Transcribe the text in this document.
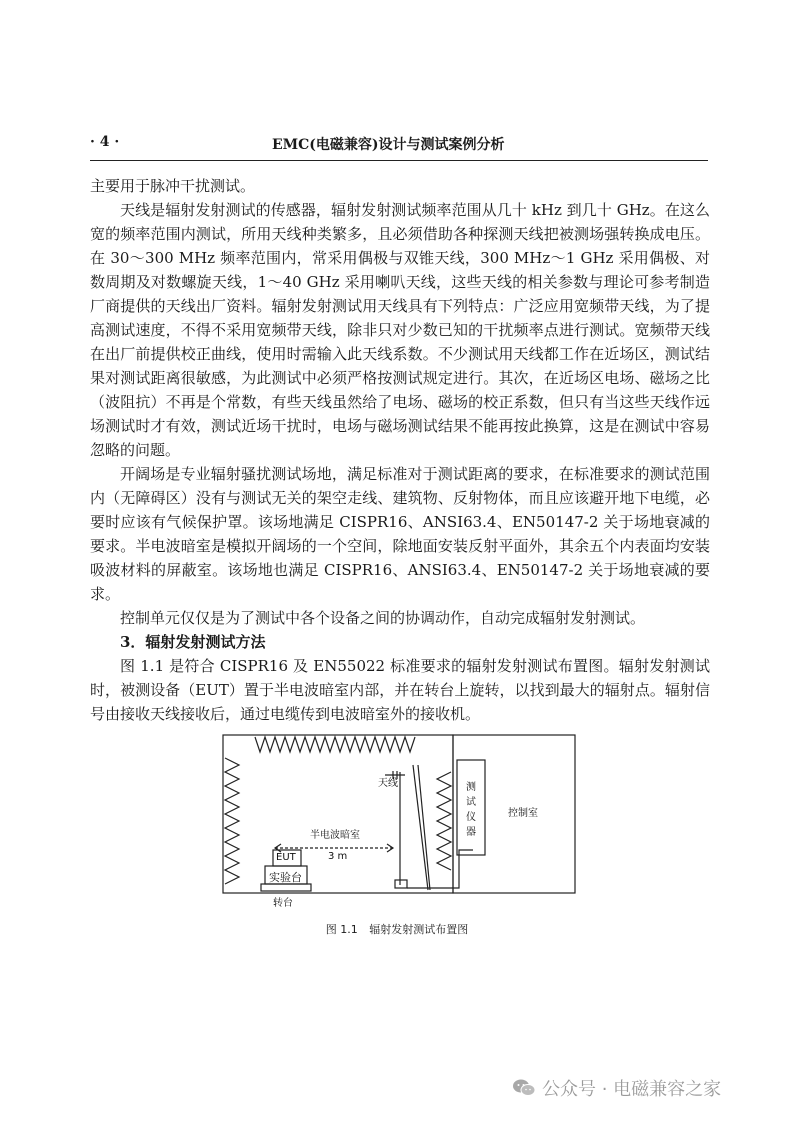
· 4 ·	EMC(电磁兼容)设计与测试案例分析

主要用于脉冲干扰测试。

天线是辐射发射测试的传感器，辐射发射测试频率范围从几十 kHz 到几十 GHz。在这么宽的频率范围内测试，所用天线种类繁多，且必须借助各种探测天线把被测场强转换成电压。在 30～300 MHz 频率范围内，常采用偶极与双锥天线，300 MHz～1 GHz 采用偶极、对数周期及对数螺旋天线，1～40 GHz 采用喇叭天线，这些天线的相关参数与理论可参考制造厂商提供的天线出厂资料。辐射发射测试用天线具有下列特点：广泛应用宽频带天线，为了提高测试速度，不得不采用宽频带天线，除非只对少数已知的干扰频率点进行测试。宽频带天线在出厂前提供校正曲线，使用时需输入此天线系数。不少测试用天线都工作在近场区，测试结果对测试距离很敏感，为此测试中必须严格按测试规定进行。其次，在近场区电场、磁场之比（波阻抗）不再是个常数，有些天线虽然给了电场、磁场的校正系数，但只有当这些天线作远场测试时才有效，测试近场干扰时，电场与磁场测试结果不能再按此换算，这是在测试中容易忽略的问题。

开阔场是专业辐射骚扰测试场地，满足标准对于测试距离的要求，在标准要求的测试范围内（无障碍区）没有与测试无关的架空走线、建筑物、反射物体，而且应该避开地下电缆，必要时应该有气候保护罩。该场地满足 CISPR16、ANSI63.4、EN50147-2 关于场地衰减的要求。半电波暗室是模拟开阔场的一个空间，除地面安装反射平面外，其余五个内表面均安装吸波材料的屏蔽室。该场地也满足 CISPR16、ANSI63.4、EN50147-2 关于场地衰减的要求。

控制单元仅仅是为了测试中各个设备之间的协调动作，自动完成辐射发射测试。

3．辐射发射测试方法

图 1.1 是符合 CISPR16 及 EN55022 标准要求的辐射发射测试布置图。辐射发射测试时，被测设备（EUT）置于半电波暗室内部，并在转台上旋转，以找到最大的辐射点。辐射信号由接收天线接收后，通过电缆传到电波暗室外的接收机。

天线
半电波暗室
3 m
EUT
实验台
转台
测试仪器
控制室
图 1.1 辐射发射测试布置图
公众号 · 电磁兼容之家
